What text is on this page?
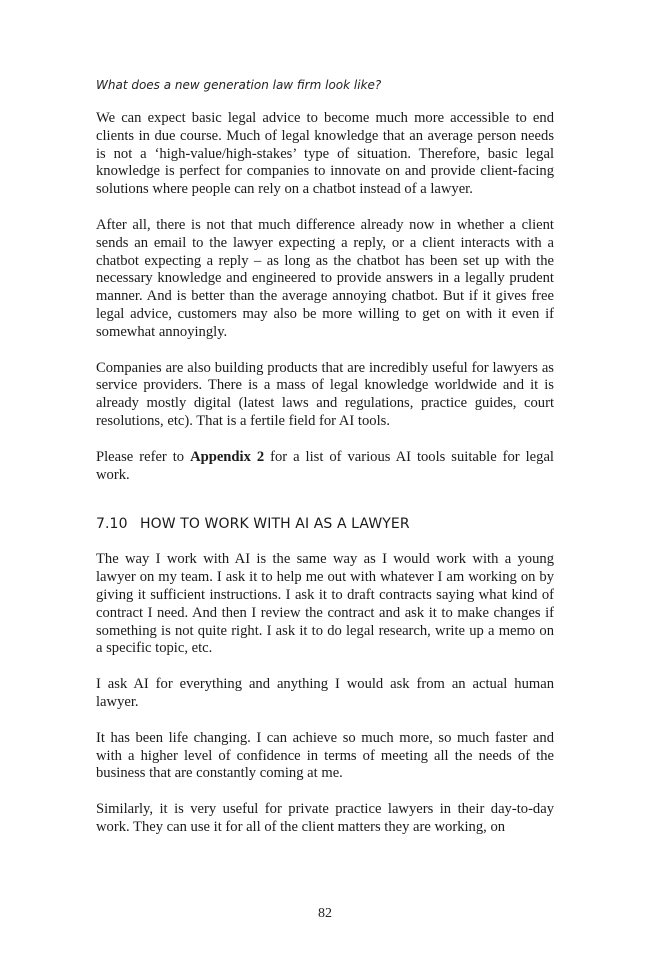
What does a new generation law firm look like?

We can expect basic legal advice to become much more accessible to end clients in due course. Much of legal knowledge that an average person needs is not a ‘high-value/high-stakes’ type of situation. Therefore, basic legal knowledge is perfect for companies to innovate on and provide client-facing solutions where people can rely on a chatbot instead of a lawyer.

After all, there is not that much difference already now in whether a client sends an email to the lawyer expecting a reply, or a client interacts with a chatbot expecting a reply – as long as the chatbot has been set up with the necessary knowledge and engineered to provide answers in a legally prudent manner. And is better than the average annoying chatbot. But if it gives free legal advice, customers may also be more willing to get on with it even if somewhat annoyingly.

Companies are also building products that are incredibly useful for lawyers as service providers. There is a mass of legal knowledge worldwide and it is already mostly digital (latest laws and regulations, practice guides, court resolutions, etc). That is a fertile field for AI tools.

Please refer to Appendix 2 for a list of various AI tools suitable for legal work.

7.10 HOW TO WORK WITH AI AS A LAWYER

The way I work with AI is the same way as I would work with a young lawyer on my team. I ask it to help me out with whatever I am working on by giving it sufficient instructions. I ask it to draft contracts saying what kind of contract I need. And then I review the contract and ask it to make changes if something is not quite right. I ask it to do legal research, write up a memo on a specific topic, etc.

I ask AI for everything and anything I would ask from an actual human lawyer.

It has been life changing. I can achieve so much more, so much faster and with a higher level of confidence in terms of meeting all the needs of the business that are constantly coming at me.

Similarly, it is very useful for private practice lawyers in their day-to-day work. They can use it for all of the client matters they are working, on

82
